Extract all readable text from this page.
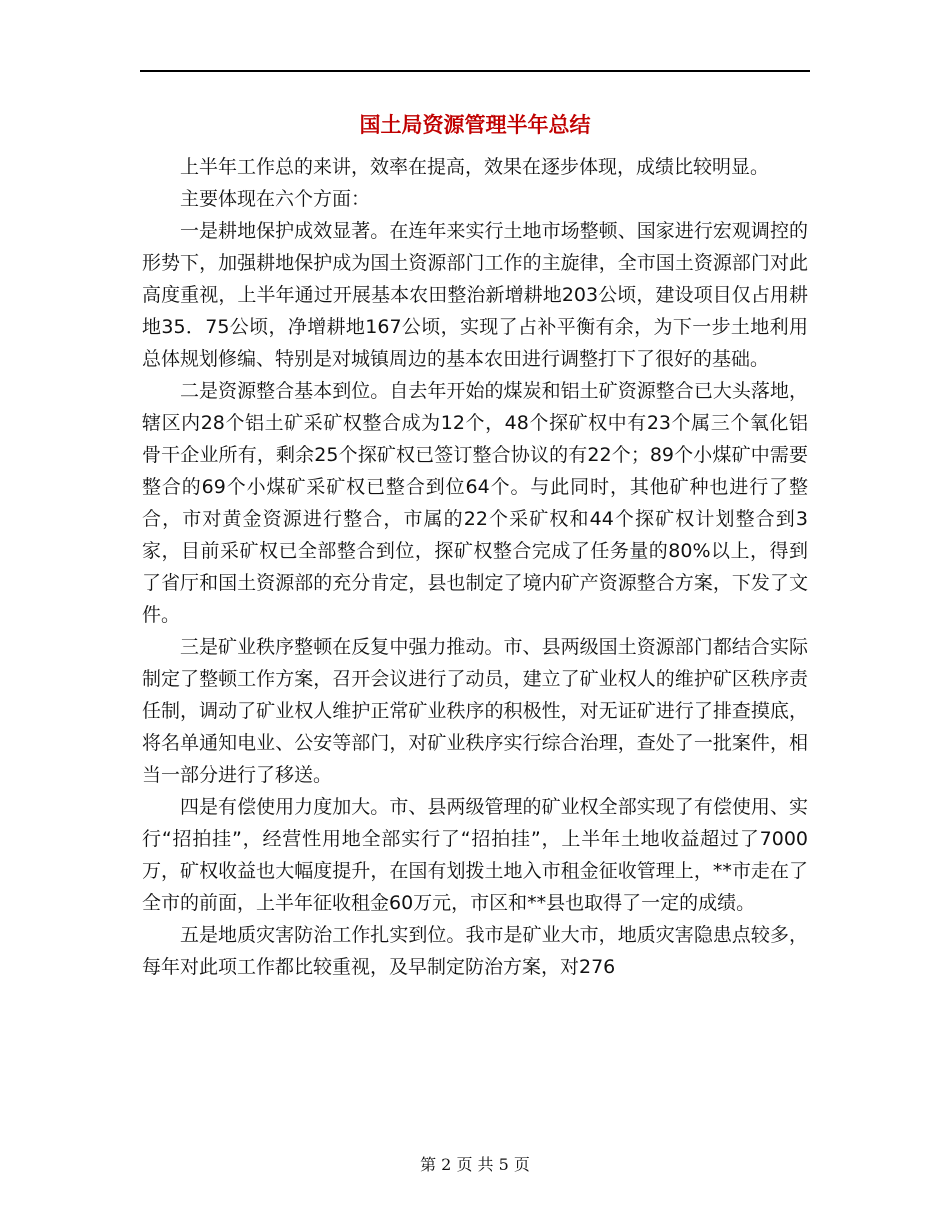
国土局资源管理半年总结

上半年工作总的来讲，效率在提高，效果在逐步体现，成绩比较明显。

主要体现在六个方面：

一是耕地保护成效显著。在连年来实行土地市场整顿、国家进行宏观调控的形势下，加强耕地保护成为国土资源部门工作的主旋律，全市国土资源部门对此高度重视，上半年通过开展基本农田整治新增耕地203公顷，建设项目仅占用耕地35．75公顷，净增耕地167公顷，实现了占补平衡有余，为下一步土地利用总体规划修编、特别是对城镇周边的基本农田进行调整打下了很好的基础。

二是资源整合基本到位。自去年开始的煤炭和铝土矿资源整合已大头落地，辖区内28个铝土矿采矿权整合成为12个，48个探矿权中有23个属三个氧化铝骨干企业所有，剩余25个探矿权已签订整合协议的有22个；89个小煤矿中需要整合的69个小煤矿采矿权已整合到位64个。与此同时，其他矿种也进行了整合，市对黄金资源进行整合，市属的22个采矿权和44个探矿权计划整合到3家，目前采矿权已全部整合到位，探矿权整合完成了任务量的80%以上，得到了省厅和国土资源部的充分肯定，县也制定了境内矿产资源整合方案，下发了文件。

三是矿业秩序整顿在反复中强力推动。市、县两级国土资源部门都结合实际制定了整顿工作方案，召开会议进行了动员，建立了矿业权人的维护矿区秩序责任制，调动了矿业权人维护正常矿业秩序的积极性，对无证矿进行了排查摸底，将名单通知电业、公安等部门，对矿业秩序实行综合治理，查处了一批案件，相当一部分进行了移送。

四是有偿使用力度加大。市、县两级管理的矿业权全部实现了有偿使用、实行“招拍挂”，经营性用地全部实行了“招拍挂”，上半年土地收益超过了7000万，矿权收益也大幅度提升，在国有划拨土地入市租金征收管理上，**市走在了全市的前面，上半年征收租金60万元，市区和**县也取得了一定的成绩。

五是地质灾害防治工作扎实到位。我市是矿业大市，地质灾害隐患点较多，每年对此项工作都比较重视，及早制定防治方案，对276

第 2 页 共 5 页
